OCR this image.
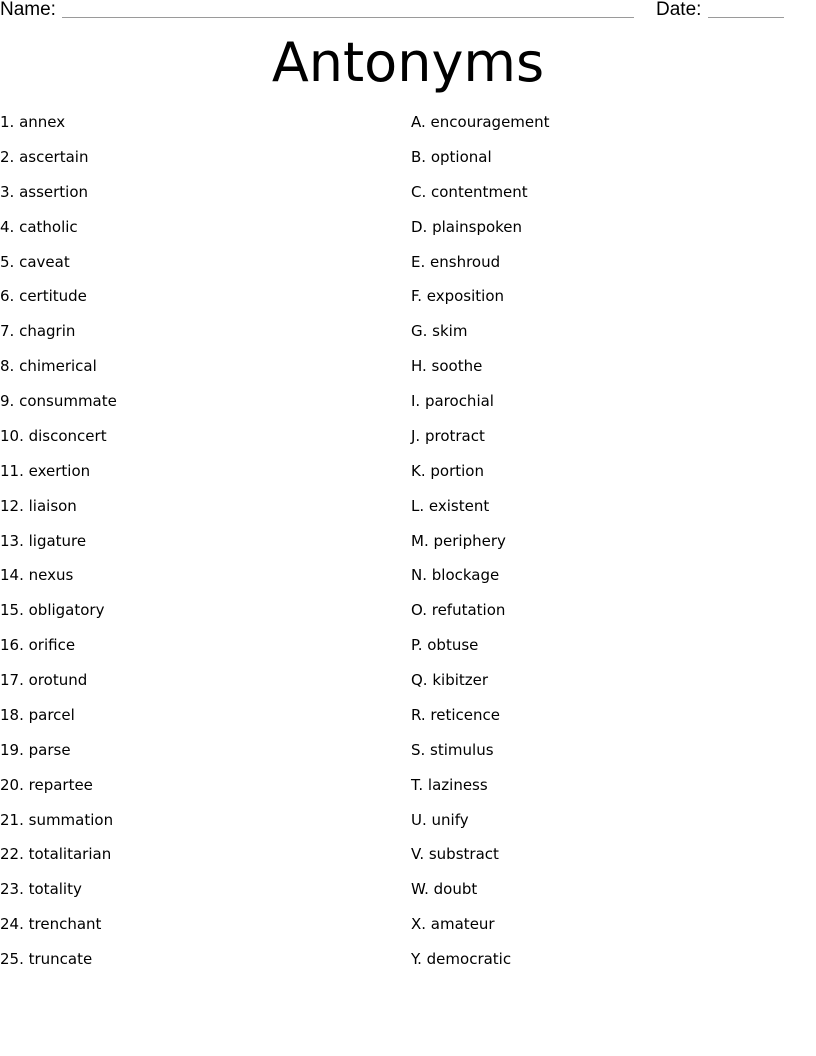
Name:	Date:
Antonyms
1. annex
2. ascertain
3. assertion
4. catholic
5. caveat
6. certitude
7. chagrin
8. chimerical
9. consummate
10. disconcert
11. exertion
12. liaison
13. ligature
14. nexus
15. obligatory
16. orifice
17. orotund
18. parcel
19. parse
20. repartee
21. summation
22. totalitarian
23. totality
24. trenchant
25. truncate
A. encouragement
B. optional
C. contentment
D. plainspoken
E. enshroud
F. exposition
G. skim
H. soothe
I. parochial
J. protract
K. portion
L. existent
M. periphery
N. blockage
O. refutation
P. obtuse
Q. kibitzer
R. reticence
S. stimulus
T. laziness
U. unify
V. substract
W. doubt
X. amateur
Y. democratic
